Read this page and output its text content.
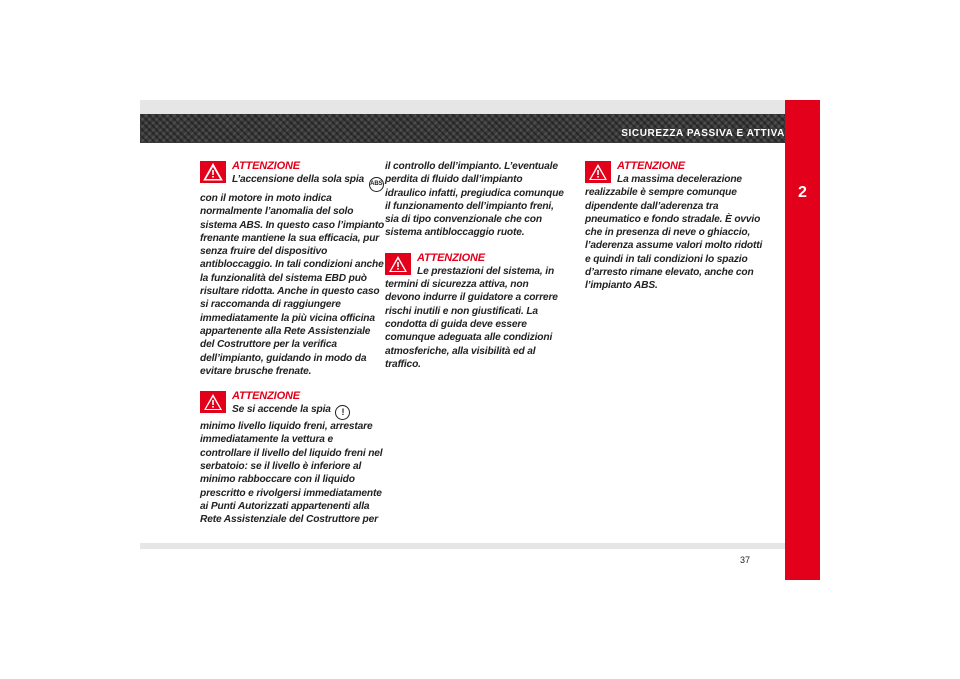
SICUREZZA PASSIVA E ATTIVA
2
ATTENZIONE

L’accensione della sola spia ABS
con il motore in moto indica normalmente l’anomalia del solo sistema ABS. In questo caso l’impianto frenante mantiene la sua efficacia, pur senza fruire del dispositivo antibloccaggio. In tali condizioni anche la funzionalità del sistema EBD può risultare ridotta. Anche in questo caso si raccomanda di raggiungere immediatamente la più vicina officina appartenente alla Rete Assistenziale del Costruttore per la verifica dell’impianto, guidando in modo da evitare brusche frenate.

ATTENZIONE

Se si accende la spia !
minimo livello liquido freni, arrestare immediatamente la vettura e controllare il livello del liquido freni nel serbatoio: se il livello è inferiore al minimo rabboccare con il liquido prescritto e rivolgersi immediatamente ai Punti Autorizzati appartenenti alla Rete Assistenziale del Costruttore per

il controllo dell’impianto. L’eventuale perdita di fluido dall’impianto idraulico infatti, pregiudica comunque il funzionamento dell’impianto freni, sia di tipo convenzionale che con sistema antibloccaggio ruote.

ATTENZIONE

Le prestazioni del sistema, in termini di sicurezza attiva, non devono indurre il guidatore a correre rischi inutili e non giustificati. La condotta di guida deve essere comunque adeguata alle condizioni atmosferiche, alla visibilità ed al traffico.

ATTENZIONE

La massima decelerazione realizzabile è sempre comunque dipendente dall’aderenza tra pneumatico e fondo stradale. È ovvio che in presenza di neve o ghiaccio, l’aderenza assume valori molto ridotti e quindi in tali condizioni lo spazio d’arresto rimane elevato, anche con l’impianto ABS.

37
